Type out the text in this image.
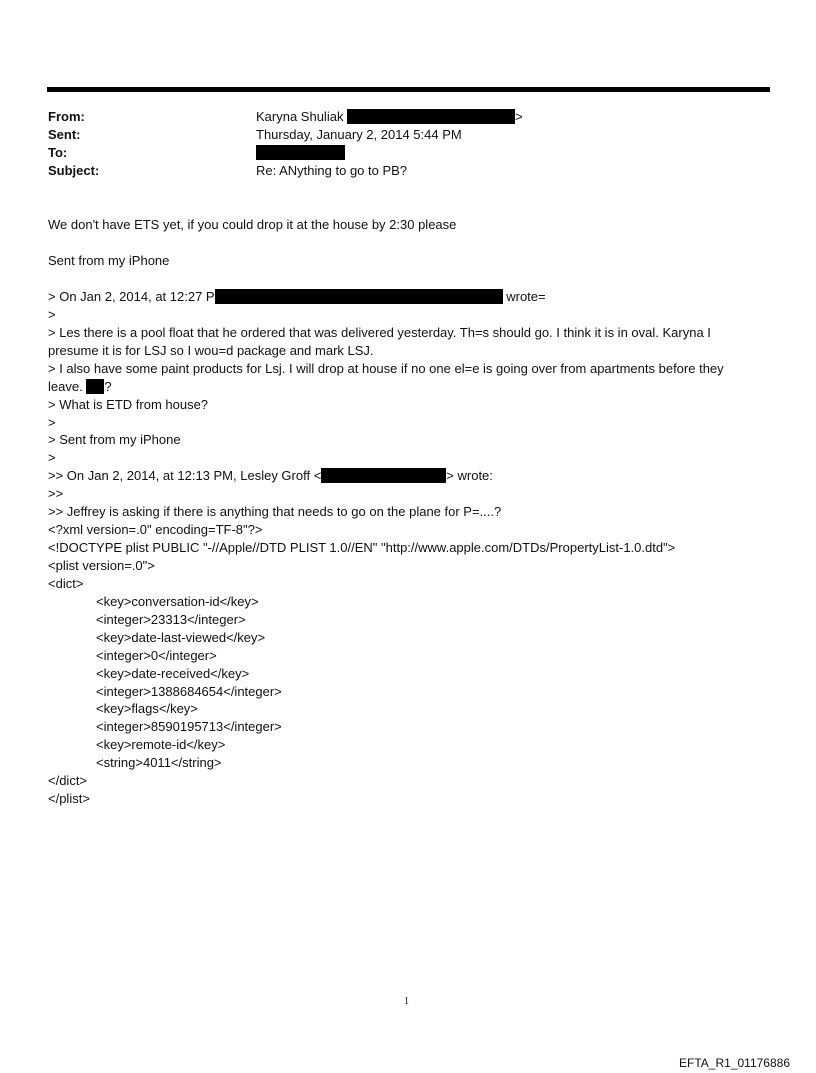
From:	Karyna Shuliak	>
Sent:	Thursday, January 2, 2014 5:44 PM
To:
Subject:	Re: ANything to go to PB?
We don't have ETS yet, if you could drop it at the house by 2:30 please
Sent from my iPhone
> On Jan 2, 2014, at 12:27 P	wrote=
>
> Les there is a pool float that he ordered that was delivered yesterday. Th=s should go. I think it is in oval. Karyna I
presume it is for LSJ so I wou=d package and mark LSJ.
> I also have some paint products for Lsj. I will drop at house if no one el=e is going over from apartments before they
leave. ?
> What is ETD from house?
>
> Sent from my iPhone
>
>> On Jan 2, 2014, at 12:13 PM, Lesley Groff <	> wrote:
>>
>> Jeffrey is asking if there is anything that needs to go on the plane for P=....?
<?xml version=.0" encoding=TF-8"?>
<!DOCTYPE plist PUBLIC "-//Apple//DTD PLIST 1.0//EN" "http://www.apple.com/DTDs/PropertyList-1.0.dtd">
<plist version=.0">
<dict>
<key>conversation-id</key>
<integer>23313</integer>
<key>date-last-viewed</key>
<integer>0</integer>
<key>date-received</key>
<integer>1388684654</integer>
<key>flags</key>
<integer>8590195713</integer>
<key>remote-id</key>
<string>4011</string>
</dict>
</plist>
1
EFTA_R1_01176886
